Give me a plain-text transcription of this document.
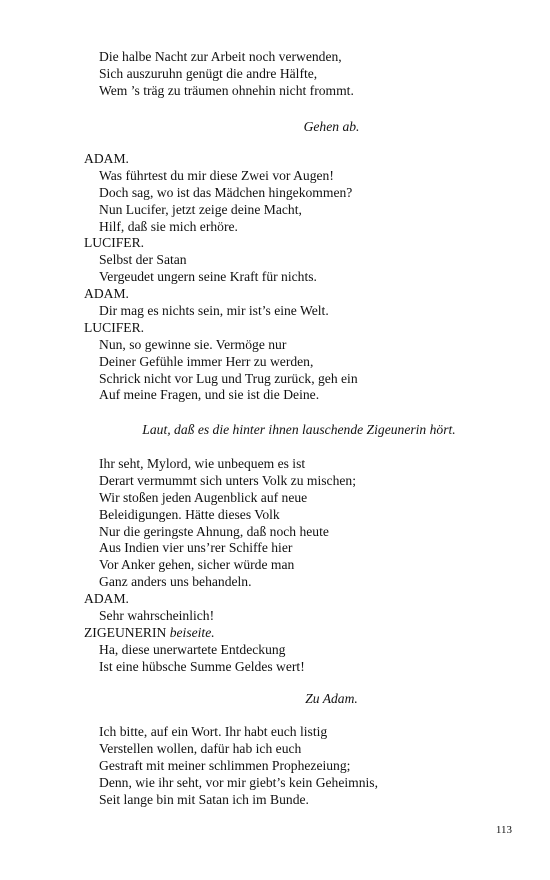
Die halbe Nacht zur Arbeit noch verwenden,
Sich auszuruhn genügt die andre Hälfte,
Wem ’s träg zu träumen ohnehin nicht frommt.
Gehen ab.
ADAM.
Was führtest du mir diese Zwei vor Augen!
Doch sag, wo ist das Mädchen hingekommen?
Nun Lucifer, jetzt zeige deine Macht,
Hilf, daß sie mich erhöre.
LUCIFER.
Selbst der Satan
Vergeudet ungern seine Kraft für nichts.
ADAM.
Dir mag es nichts sein, mir ist’s eine Welt.
LUCIFER.
Nun, so gewinne sie. Vermöge nur
Deiner Gefühle immer Herr zu werden,
Schrick nicht vor Lug und Trug zurück, geh ein
Auf meine Fragen, und sie ist die Deine.
Laut, daß es die hinter ihnen lauschende Zigeunerin hört.
Ihr seht, Mylord, wie unbequem es ist
Derart vermummt sich unters Volk zu mischen;
Wir stoßen jeden Augenblick auf neue
Beleidigungen. Hätte dieses Volk
Nur die geringste Ahnung, daß noch heute
Aus Indien vier uns’rer Schiffe hier
Vor Anker gehen, sicher würde man
Ganz anders uns behandeln.
ADAM.
Sehr wahrscheinlich!
ZIGEUNERIN beiseite.
Ha, diese unerwartete Entdeckung
Ist eine hübsche Summe Geldes wert!
Zu Adam.
Ich bitte, auf ein Wort. Ihr habt euch listig
Verstellen wollen, dafür hab ich euch
Gestraft mit meiner schlimmen Prophezeiung;
Denn, wie ihr seht, vor mir giebt’s kein Geheimnis,
Seit lange bin mit Satan ich im Bunde.
113
